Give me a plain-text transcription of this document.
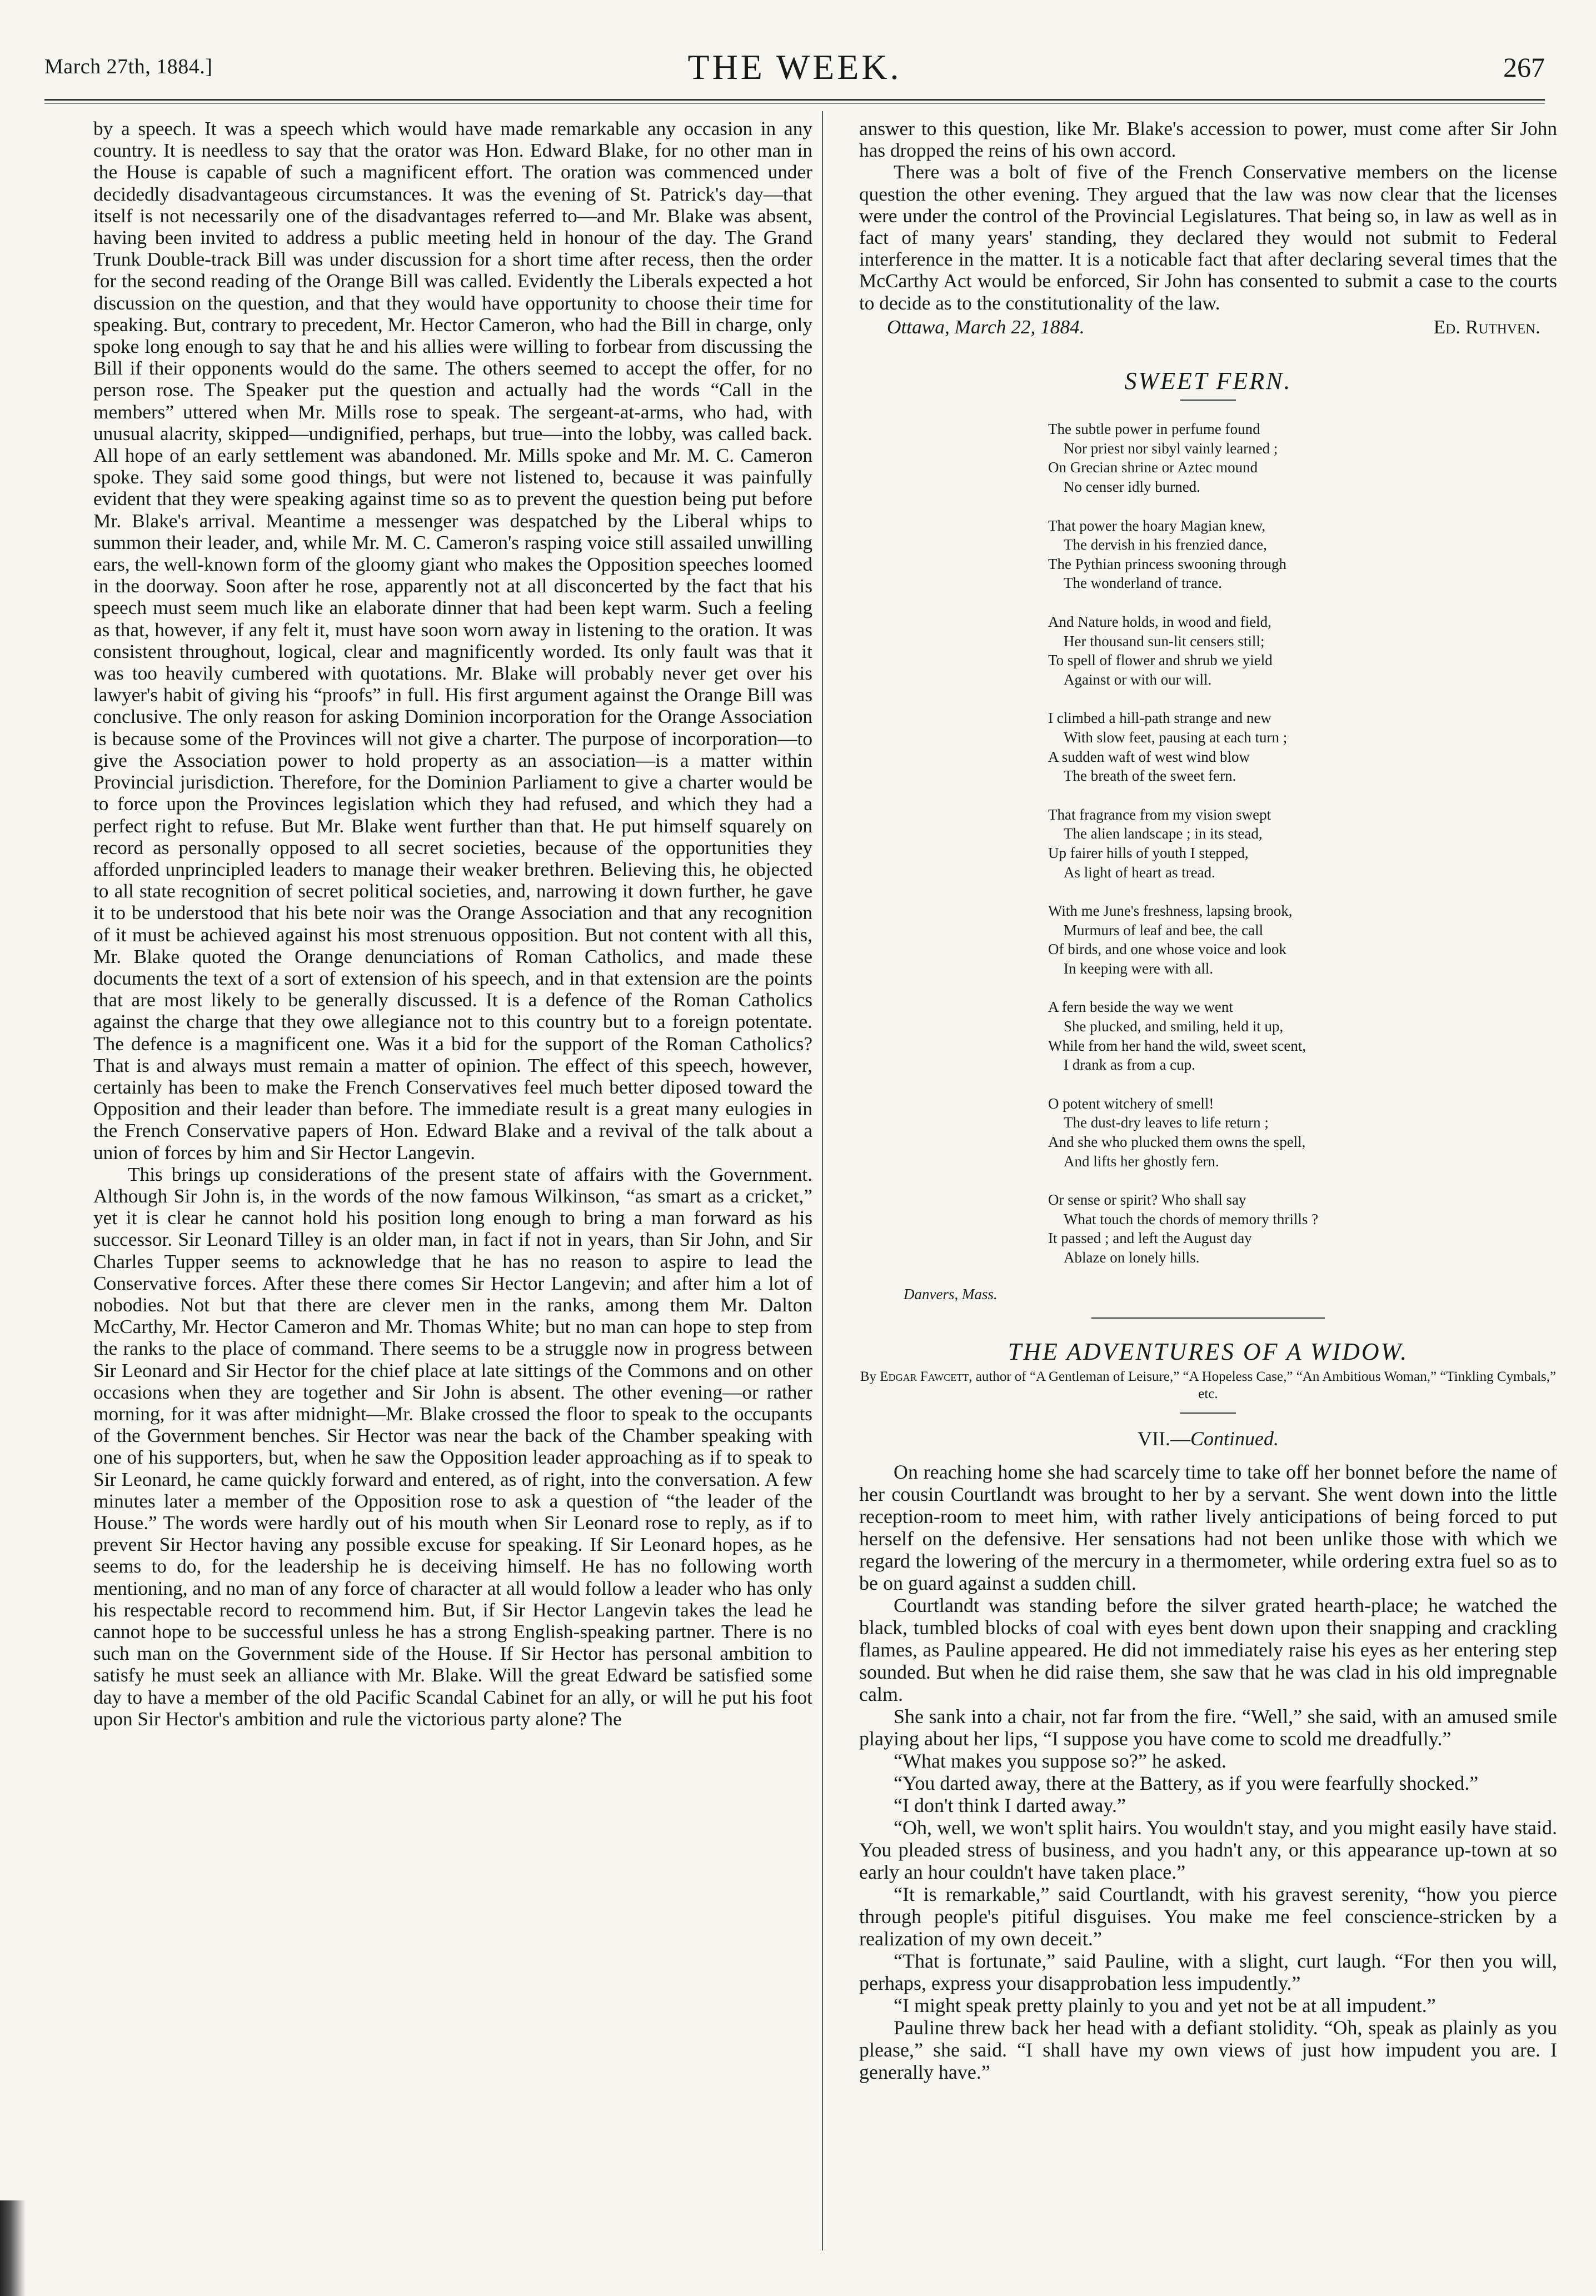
March 27th, 1884.]	THE WEEK.	267

by a speech. It was a speech which would have made remarkable any occasion in any country. It is needless to say that the orator was Hon. Edward Blake, for no other man in the House is capable of such a magnificent effort. The oration was commenced under decidedly disadvantageous circumstances. It was the evening of St. Patrick's day—that itself is not necessarily one of the disadvantages referred to—and Mr. Blake was absent, having been invited to address a public meeting held in honour of the day. The Grand Trunk Double-track Bill was under discussion for a short time after recess, then the order for the second reading of the Orange Bill was called. Evidently the Liberals expected a hot discussion on the question, and that they would have opportunity to choose their time for speaking. But, contrary to precedent, Mr. Hector Cameron, who had the Bill in charge, only spoke long enough to say that he and his allies were willing to forbear from discussing the Bill if their opponents would do the same. The others seemed to accept the offer, for no person rose. The Speaker put the question and actually had the words “Call in the members” uttered when Mr. Mills rose to speak. The sergeant-at-arms, who had, with unusual alacrity, skipped—undignified, perhaps, but true—into the lobby, was called back. All hope of an early settlement was abandoned. Mr. Mills spoke and Mr. M. C. Cameron spoke. They said some good things, but were not listened to, because it was painfully evident that they were speaking against time so as to prevent the question being put before Mr. Blake's arrival. Meantime a messenger was despatched by the Liberal whips to summon their leader, and, while Mr. M. C. Cameron's rasping voice still assailed unwilling ears, the well-known form of the gloomy giant who makes the Opposition speeches loomed in the doorway. Soon after he rose, apparently not at all disconcerted by the fact that his speech must seem much like an elaborate dinner that had been kept warm. Such a feeling as that, however, if any felt it, must have soon worn away in listening to the oration. It was consistent throughout, logical, clear and magnificently worded. Its only fault was that it was too heavily cumbered with quotations. Mr. Blake will probably never get over his lawyer's habit of giving his “proofs” in full. His first argument against the Orange Bill was conclusive. The only reason for asking Dominion incorporation for the Orange Association is because some of the Provinces will not give a charter. The purpose of incorporation—to give the Association power to hold property as an association—is a matter within Provincial jurisdiction. Therefore, for the Dominion Parliament to give a charter would be to force upon the Provinces legislation which they had refused, and which they had a perfect right to refuse. But Mr. Blake went further than that. He put himself squarely on record as personally opposed to all secret societies, because of the opportunities they afforded unprincipled leaders to manage their weaker brethren. Believing this, he objected to all state recognition of secret political societies, and, narrowing it down further, he gave it to be understood that his bete noir was the Orange Association and that any recognition of it must be achieved against his most strenuous opposition. But not content with all this, Mr. Blake quoted the Orange denunciations of Roman Catholics, and made these documents the text of a sort of extension of his speech, and in that extension are the points that are most likely to be generally discussed. It is a defence of the Roman Catholics against the charge that they owe allegiance not to this country but to a foreign potentate. The defence is a magnificent one. Was it a bid for the support of the Roman Catholics? That is and always must remain a matter of opinion. The effect of this speech, however, certainly has been to make the French Conservatives feel much better diposed toward the Opposition and their leader than before. The immediate result is a great many eulogies in the French Conservative papers of Hon. Edward Blake and a revival of the talk about a union of forces by him and Sir Hector Langevin.

This brings up considerations of the present state of affairs with the Government. Although Sir John is, in the words of the now famous Wilkinson, “as smart as a cricket,” yet it is clear he cannot hold his position long enough to bring a man forward as his successor. Sir Leonard Tilley is an older man, in fact if not in years, than Sir John, and Sir Charles Tupper seems to acknowledge that he has no reason to aspire to lead the Conservative forces. After these there comes Sir Hector Langevin; and after him a lot of nobodies. Not but that there are clever men in the ranks, among them Mr. Dalton McCarthy, Mr. Hector Cameron and Mr. Thomas White; but no man can hope to step from the ranks to the place of command. There seems to be a struggle now in progress between Sir Leonard and Sir Hector for the chief place at late sittings of the Commons and on other occasions when they are together and Sir John is absent. The other evening—or rather morning, for it was after midnight—Mr. Blake crossed the floor to speak to the occupants of the Government benches. Sir Hector was near the back of the Chamber speaking with one of his supporters, but, when he saw the Opposition leader approaching as if to speak to Sir Leonard, he came quickly forward and entered, as of right, into the conversation. A few minutes later a member of the Opposition rose to ask a question of “the leader of the House.” The words were hardly out of his mouth when Sir Leonard rose to reply, as if to prevent Sir Hector having any possible excuse for speaking. If Sir Leonard hopes, as he seems to do, for the leadership he is deceiving himself. He has no following worth mentioning, and no man of any force of character at all would follow a leader who has only his respectable record to recommend him. But, if Sir Hector Langevin takes the lead he cannot hope to be successful unless he has a strong English-speaking partner. There is no such man on the Government side of the House. If Sir Hector has personal ambition to satisfy he must seek an alliance with Mr. Blake. Will the great Edward be satisfied some day to have a member of the old Pacific Scandal Cabinet for an ally, or will he put his foot upon Sir Hector's ambition and rule the victorious party alone? The

answer to this question, like Mr. Blake's accession to power, must come after Sir John has dropped the reins of his own accord.

There was a bolt of five of the French Conservative members on the license question the other evening. They argued that the law was now clear that the licenses were under the control of the Provincial Legislatures. That being so, in law as well as in fact of many years' standing, they declared they would not submit to Federal interference in the matter. It is a noticable fact that after declaring several times that the McCarthy Act would be enforced, Sir John has consented to submit a case to the courts to decide as to the constitutionality of the law.

Ottawa, March 22, 1884.	Ed. Ruthven.
SWEET FERN.
The subtle power in perfume found
Nor priest nor sibyl vainly learned ;
On Grecian shrine or Aztec mound
No censer idly burned.
That power the hoary Magian knew,
The dervish in his frenzied dance,
The Pythian princess swooning through
The wonderland of trance.
And Nature holds, in wood and field,
Her thousand sun-lit censers still;
To spell of flower and shrub we yield
Against or with our will.
I climbed a hill-path strange and new
With slow feet, pausing at each turn ;
A sudden waft of west wind blow
The breath of the sweet fern.
That fragrance from my vision swept
The alien landscape ; in its stead,
Up fairer hills of youth I stepped,
As light of heart as tread.
With me June's freshness, lapsing brook,
Murmurs of leaf and bee, the call
Of birds, and one whose voice and look
In keeping were with all.
A fern beside the way we went
She plucked, and smiling, held it up,
While from her hand the wild, sweet scent,
I drank as from a cup.
O potent witchery of smell!
The dust-dry leaves to life return ;
And she who plucked them owns the spell,
And lifts her ghostly fern.
Or sense or spirit? Who shall say
What touch the chords of memory thrills ?
It passed ; and left the August day
Ablaze on lonely hills.
Danvers, Mass.
THE ADVENTURES OF A WIDOW.
By Edgar Fawcett, author of “A Gentleman of Leisure,” “A Hopeless Case,” “An Ambitious Woman,” “Tinkling Cymbals,” etc.
VII.—Continued.

On reaching home she had scarcely time to take off her bonnet before the name of her cousin Courtlandt was brought to her by a servant. She went down into the little reception-room to meet him, with rather lively anticipations of being forced to put herself on the defensive. Her sensations had not been unlike those with which we regard the lowering of the mercury in a thermometer, while ordering extra fuel so as to be on guard against a sudden chill.

Courtlandt was standing before the silver grated hearth-place; he watched the black, tumbled blocks of coal with eyes bent down upon their snapping and crackling flames, as Pauline appeared. He did not immediately raise his eyes as her entering step sounded. But when he did raise them, she saw that he was clad in his old impregnable calm.

She sank into a chair, not far from the fire. “Well,” she said, with an amused smile playing about her lips, “I suppose you have come to scold me dreadfully.”

“What makes you suppose so?” he asked.

“You darted away, there at the Battery, as if you were fearfully shocked.”

“I don't think I darted away.”

“Oh, well, we won't split hairs. You wouldn't stay, and you might easily have staid. You pleaded stress of business, and you hadn't any, or this appearance up-town at so early an hour couldn't have taken place.”

“It is remarkable,” said Courtlandt, with his gravest serenity, “how you pierce through people's pitiful disguises. You make me feel conscience-stricken by a realization of my own deceit.”

“That is fortunate,” said Pauline, with a slight, curt laugh. “For then you will, perhaps, express your disapprobation less impudently.”

“I might speak pretty plainly to you and yet not be at all impudent.”

Pauline threw back her head with a defiant stolidity. “Oh, speak as plainly as you please,” she said. “I shall have my own views of just how impudent you are. I generally have.”
